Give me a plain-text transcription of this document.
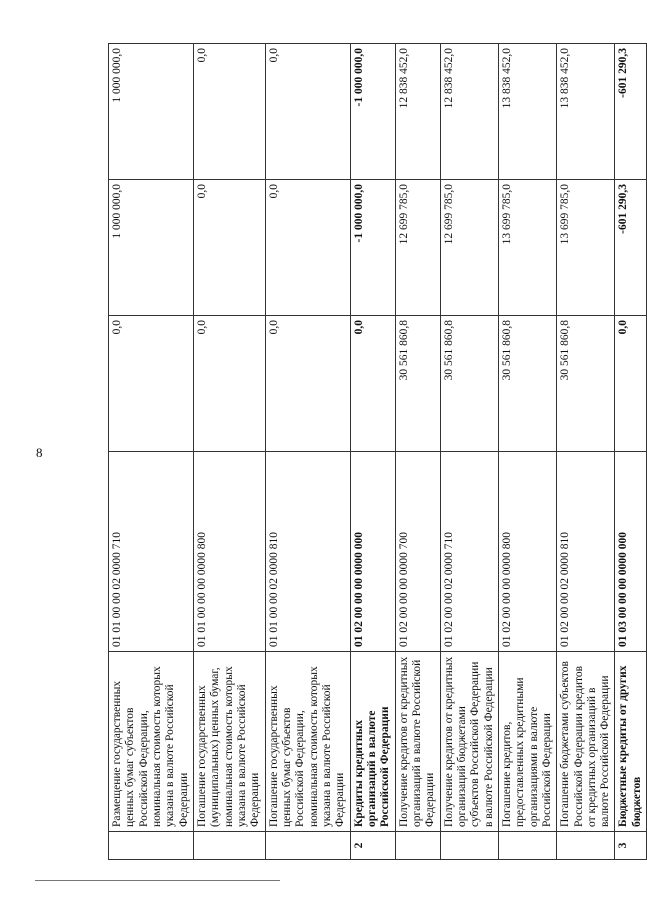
8
	Размещение государственных ценных бумаг субъектов Российской Федерации, номинальная стоимость которых указана в валюте Российской Федерации	01 01 00 00 02 0000 710	0,0	1 000 000,0	1 000 000,0
	Погашение государственных (муниципальных) ценных бумаг, номинальная стоимость которых указана в валюте Российской Федерации	01 01 00 00 00 0000 800	0,0	0,0	0,0
	Погашение государственных ценных бумаг субъектов Российской Федерации, номинальная стоимость которых указана в валюте Российской Федерации	01 01 00 00 02 0000 810	0,0	0,0	0,0
2	Кредиты кредитных организаций в валюте Российской Федерации	01 02 00 00 00 0000 000	0,0	-1 000 000,0	-1 000 000,0
	Получение кредитов от кредитных организаций в валюте Российской Федерации	01 02 00 00 00 0000 700	30 561 860,8	12 699 785,0	12 838 452,0
	Получение кредитов от кредитных организаций бюджетами субъектов Российской Федерации в валюте Российской Федерации	01 02 00 00 02 0000 710	30 561 860,8	12 699 785,0	12 838 452,0
	Погашение кредитов, предоставленных кредитными организациями в валюте Российской Федерации	01 02 00 00 00 0000 800	30 561 860,8	13 699 785,0	13 838 452,0
	Погашение бюджетами субъектов Российской Федерации кредитов от кредитных организаций в валюте Российской Федерации	01 02 00 00 02 0000 810	30 561 860,8	13 699 785,0	13 838 452,0
3	Бюджетные кредиты от других бюджетов	01 03 00 00 00 0000 000	0,0	-601 290,3	-601 290,3
